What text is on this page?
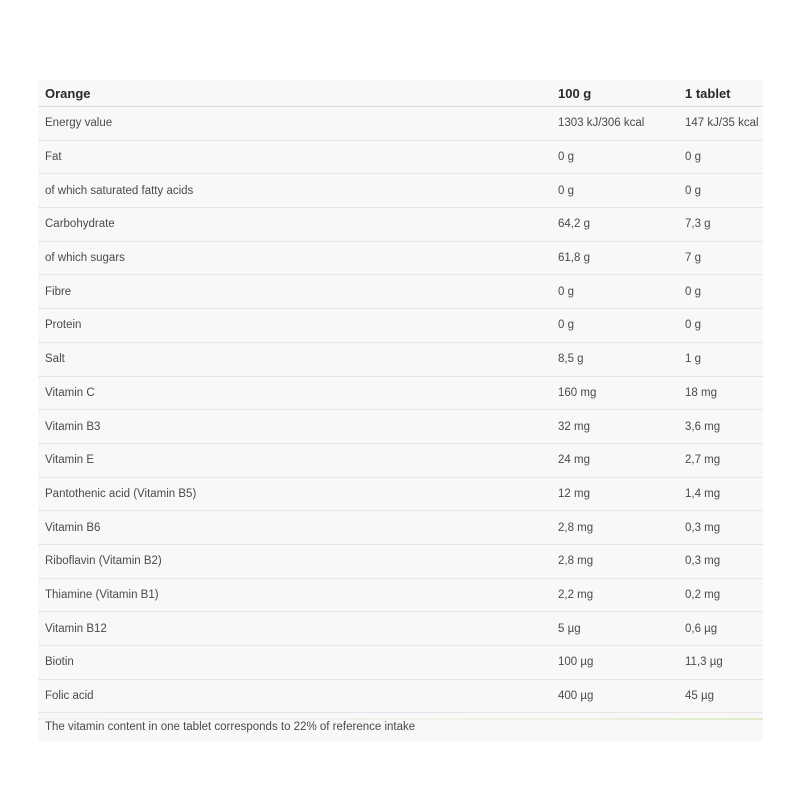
Orange	100 g	1 tablet
Energy value	1303 kJ/306 kcal	147 kJ/35 kcal
Fat	0 g	0 g
of which saturated fatty acids	0 g	0 g
Carbohydrate	64,2 g	7,3 g
of which sugars	61,8 g	7 g
Fibre	0 g	0 g
Protein	0 g	0 g
Salt	8,5 g	1 g
Vitamin C	160 mg	18 mg
Vitamin B3	32 mg	3,6 mg
Vitamin E	24 mg	2,7 mg
Pantothenic acid (Vitamin B5)	12 mg	1,4 mg
Vitamin B6	2,8 mg	0,3 mg
Riboflavin (Vitamin B2)	2,8 mg	0,3 mg
Thiamine (Vitamin B1)	2,2 mg	0,2 mg
Vitamin B12	5 µg	0,6 µg
Biotin	100 µg	11,3 µg
Folic acid	400 µg	45 µg
The vitamin content in one tablet corresponds to 22% of reference intake		
